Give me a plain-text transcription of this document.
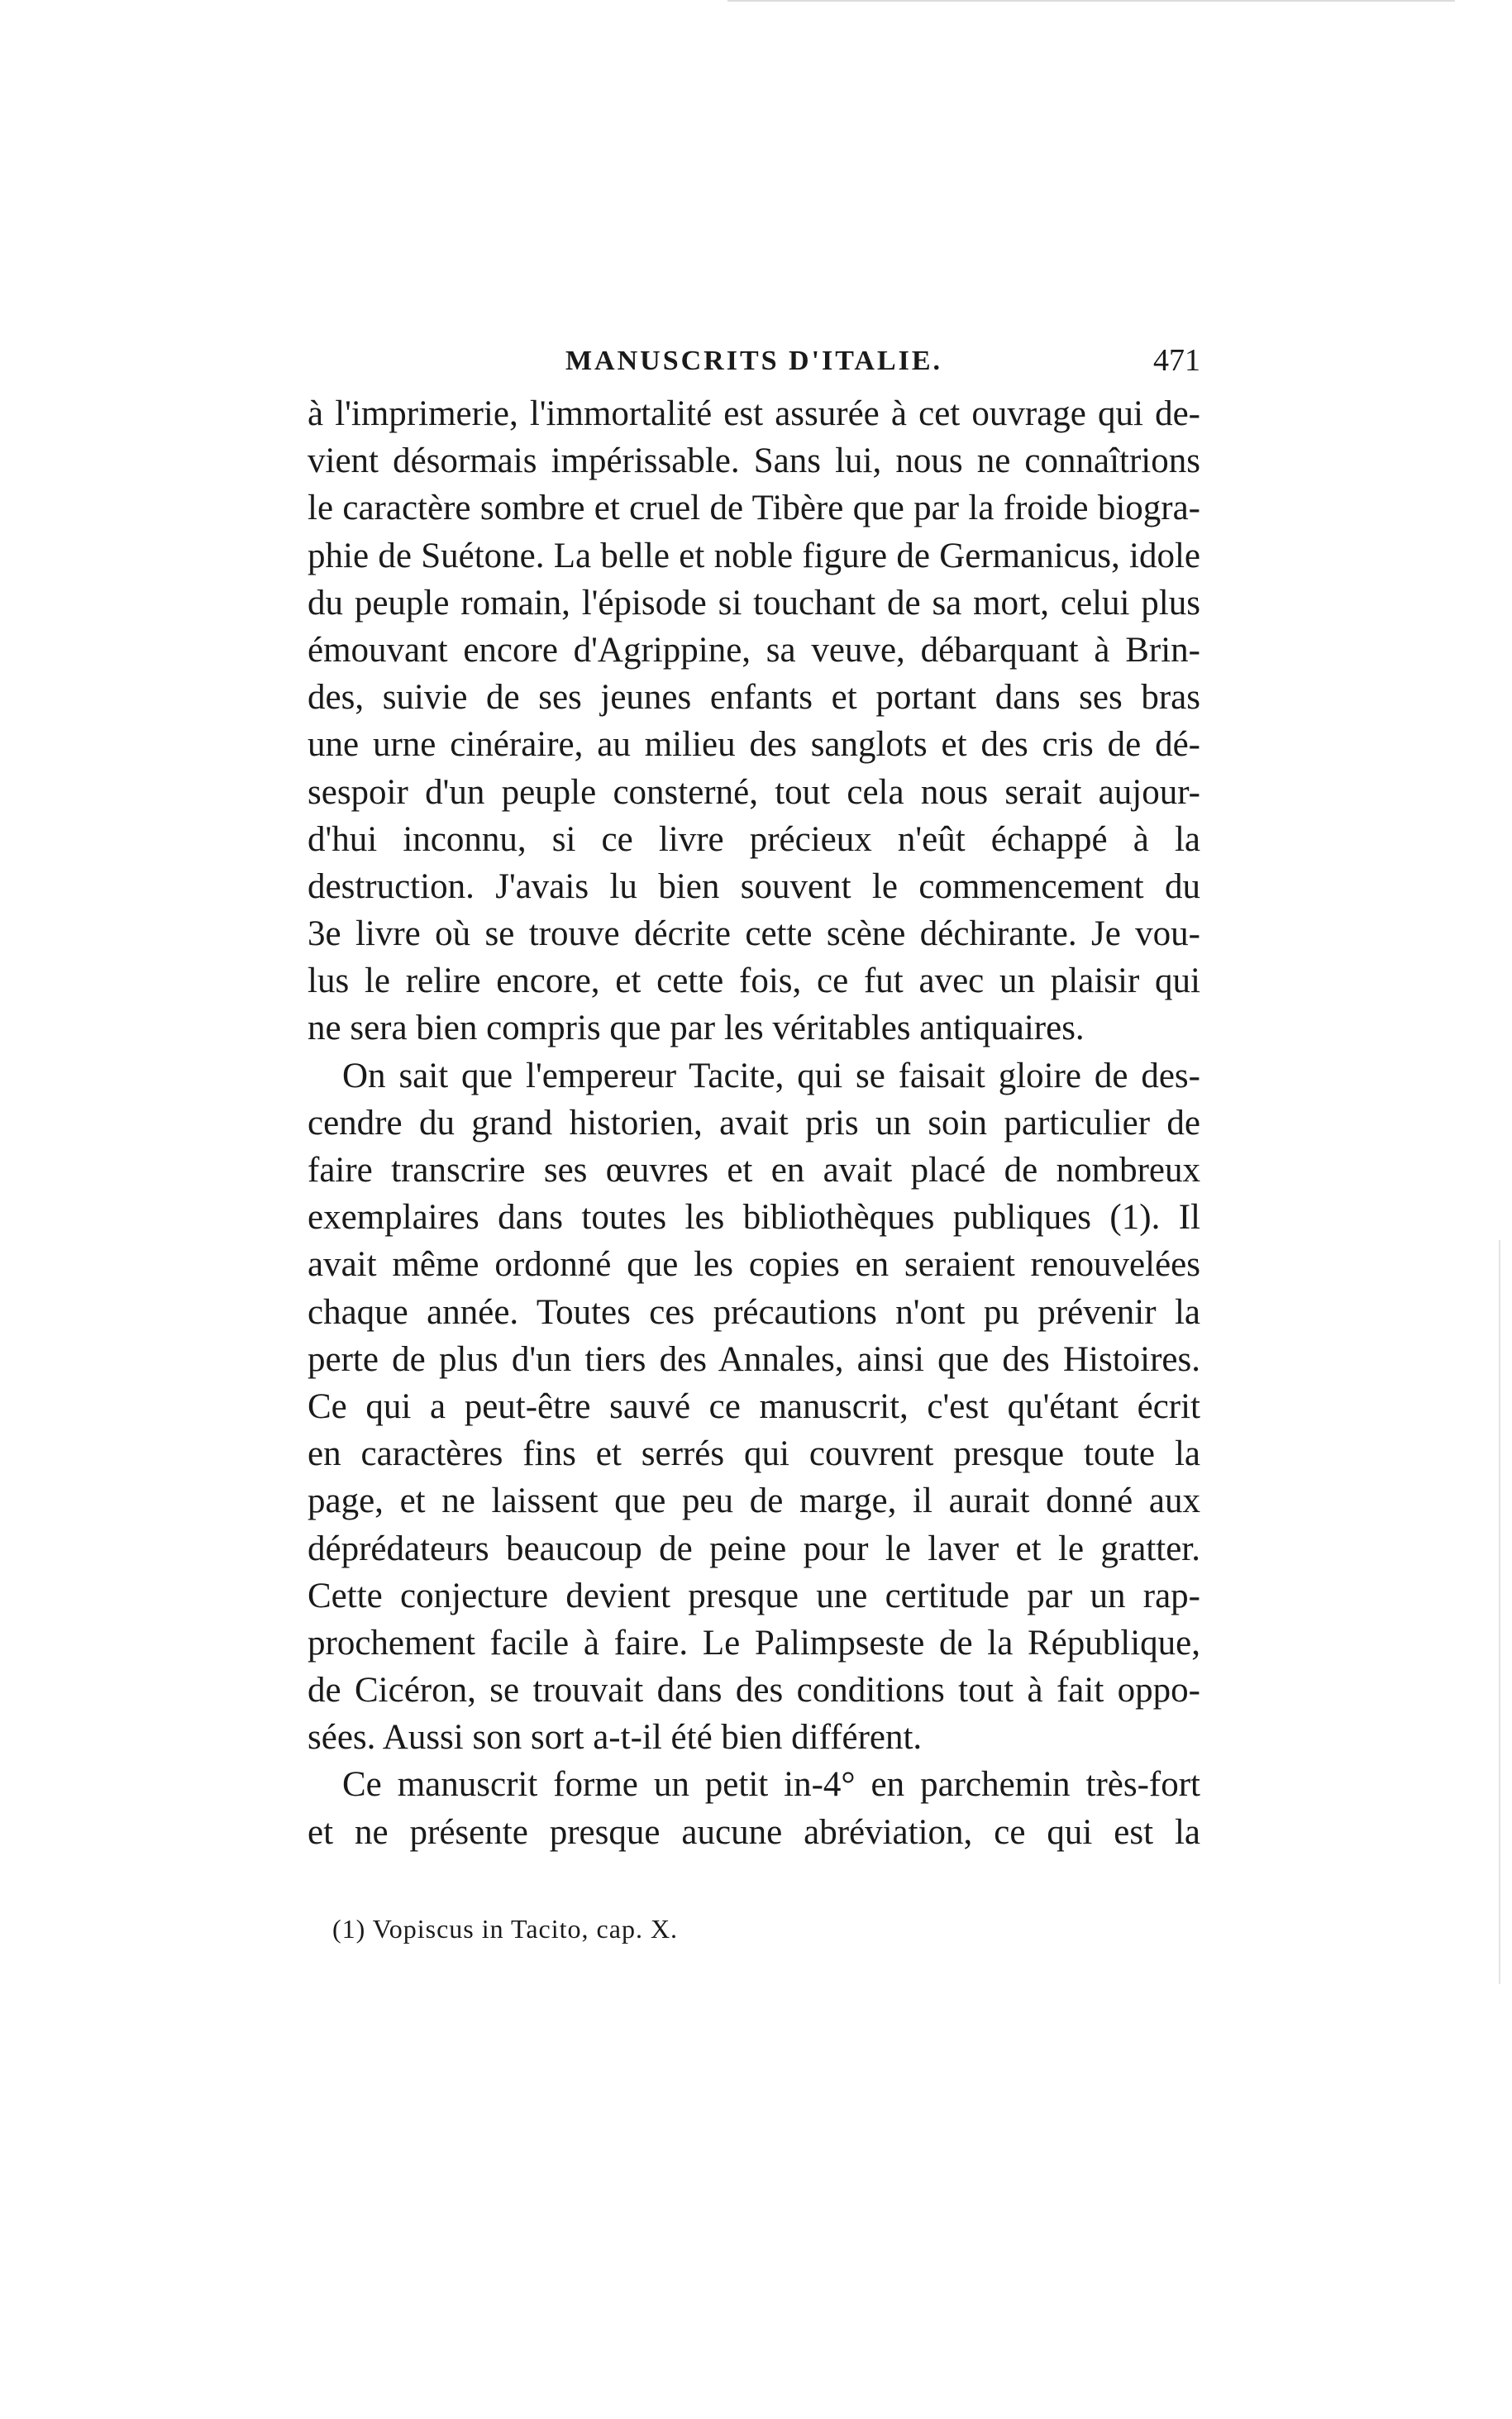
MANUSCRITS D'ITALIE.	471
à l'imprimerie, l'immortalité est assurée à cet ouvrage qui de-
vient désormais impérissable. Sans lui, nous ne connaîtrions
le caractère sombre et cruel de Tibère que par la froide biogra-
phie de Suétone. La belle et noble figure de Germanicus, idole
du peuple romain, l'épisode si touchant de sa mort, celui plus
émouvant encore d'Agrippine, sa veuve, débarquant à Brin-
des, suivie de ses jeunes enfants et portant dans ses bras
une urne cinéraire, au milieu des sanglots et des cris de dé-
sespoir d'un peuple consterné, tout cela nous serait aujour-
d'hui inconnu, si ce livre précieux n'eût échappé à la
destruction. J'avais lu bien souvent le commencement du
3e livre où se trouve décrite cette scène déchirante. Je vou-
lus le relire encore, et cette fois, ce fut avec un plaisir qui
ne sera bien compris que par les véritables antiquaires.
On sait que l'empereur Tacite, qui se faisait gloire de des-
cendre du grand historien, avait pris un soin particulier de
faire transcrire ses œuvres et en avait placé de nombreux
exemplaires dans toutes les bibliothèques publiques (1). Il
avait même ordonné que les copies en seraient renouvelées
chaque année. Toutes ces précautions n'ont pu prévenir la
perte de plus d'un tiers des Annales, ainsi que des Histoires.
Ce qui a peut-être sauvé ce manuscrit, c'est qu'étant écrit
en caractères fins et serrés qui couvrent presque toute la
page, et ne laissent que peu de marge, il aurait donné aux
déprédateurs beaucoup de peine pour le laver et le gratter.
Cette conjecture devient presque une certitude par un rap-
prochement facile à faire. Le Palimpseste de la République,
de Cicéron, se trouvait dans des conditions tout à fait oppo-
sées. Aussi son sort a-t-il été bien différent.
Ce manuscrit forme un petit in-4° en parchemin très-fort
et ne présente presque aucune abréviation, ce qui est la
(1) Vopiscus in Tacito, cap. X.
